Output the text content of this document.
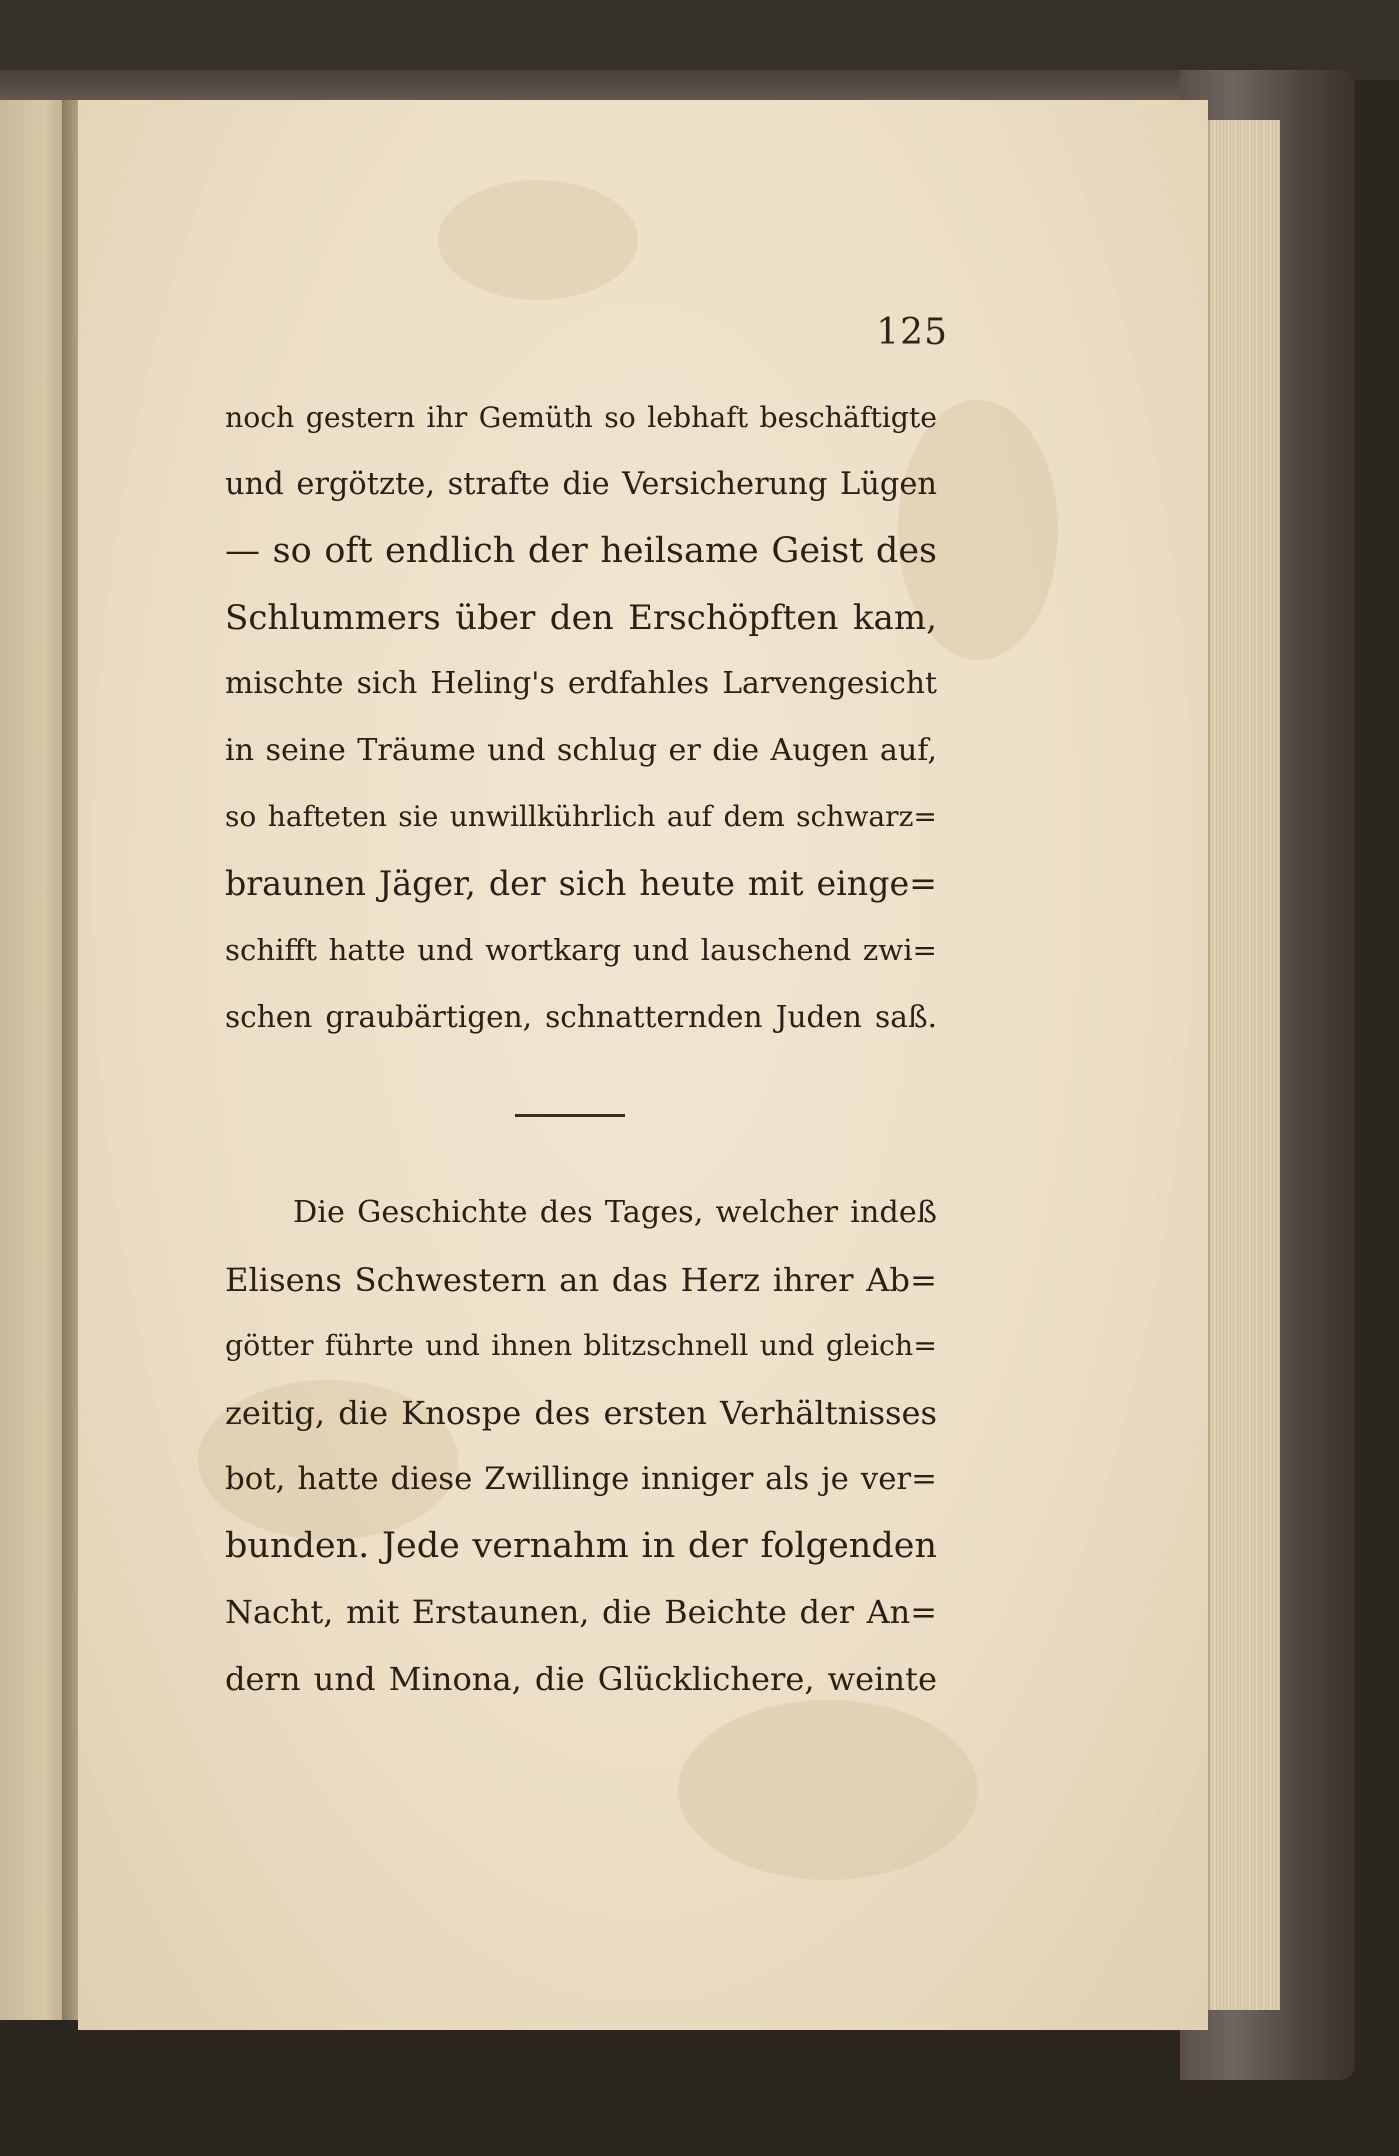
125
noch gestern ihr Gemüth so lebhaft beschäftigte
und ergötzte, strafte die Versicherung Lügen
— so oft endlich der heilsame Geist des
Schlummers über den Erschöpften kam,
mischte sich Heling's erdfahles Larvengesicht
in seine Träume und schlug er die Augen auf,
so hafteten sie unwillkührlich auf dem schwarz=
braunen Jäger, der sich heute mit einge=
schifft hatte und wortkarg und lauschend zwi=
schen graubärtigen, schnatternden Juden saß.
Die Geschichte des Tages, welcher indeß
Elisens Schwestern an das Herz ihrer Ab=
götter führte und ihnen blitzschnell und gleich=
zeitig, die Knospe des ersten Verhältnisses
bot, hatte diese Zwillinge inniger als je ver=
bunden. Jede vernahm in der folgenden
Nacht, mit Erstaunen, die Beichte der An=
dern und Minona, die Glücklichere, weinte
